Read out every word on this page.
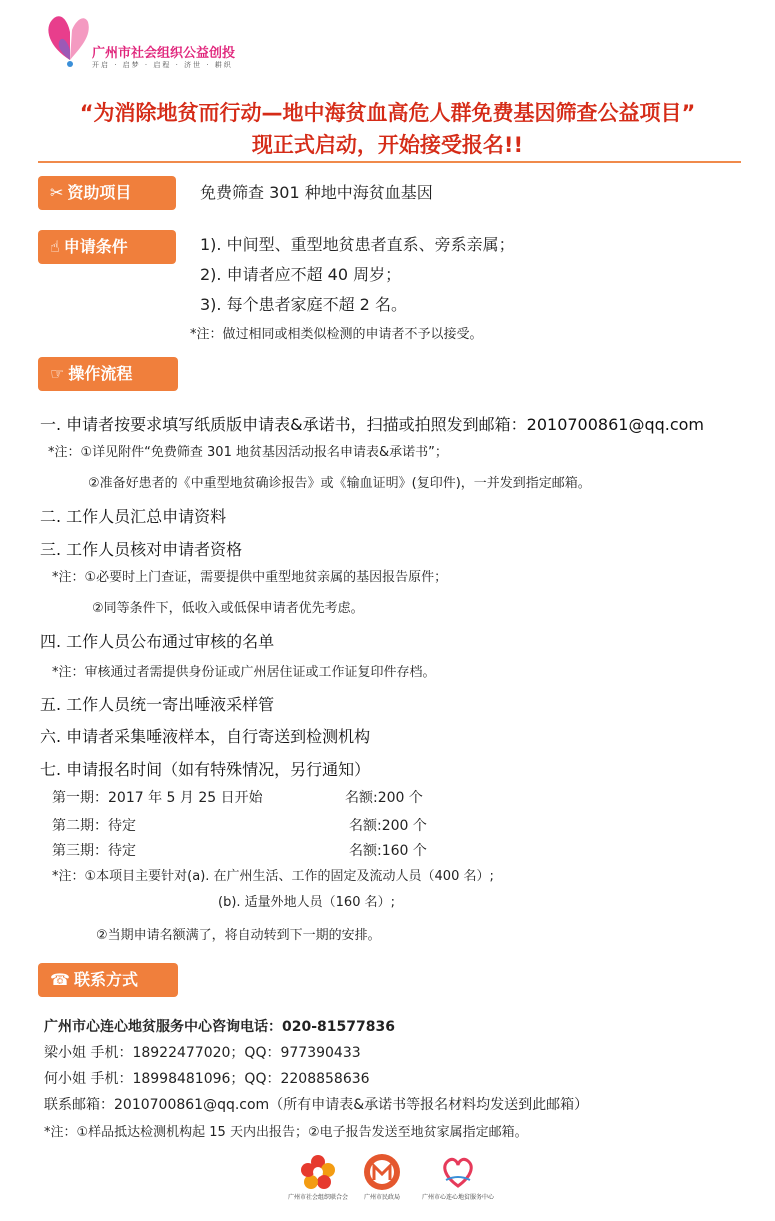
广州市社会组织公益创投
开启 · 启梦 · 启程 · 济世 · 耕织
“为消除地贫而行动—地中海贫血高危人群免费基因筛查公益项目”
现正式启动，开始接受报名!!
✂ 资助项目	免费筛查 301 种地中海贫血基因
☝ 申请条件	1). 中间型、重型地贫患者直系、旁系亲属；
2). 申请者应不超 40 周岁；
3). 每个患者家庭不超 2 名。
*注：做过相同或相类似检测的申请者不予以接受。
☞ 操作流程
一. 申请者按要求填写纸质版申请表&承诺书，扫描或拍照发到邮箱：2010700861@qq.com
*注：①详见附件“免费筛查 301 地贫基因活动报名申请表&承诺书”；
②准备好患者的《中重型地贫确诊报告》或《输血证明》(复印件)，一并发到指定邮箱。
二. 工作人员汇总申请资料
三. 工作人员核对申请者资格
*注：①必要时上门查证，需要提供中重型地贫亲属的基因报告原件；
②同等条件下，低收入或低保申请者优先考虑。
四. 工作人员公布通过审核的名单
*注：审核通过者需提供身份证或广州居住证或工作证复印件存档。
五. 工作人员统一寄出唾液采样管
六. 申请者采集唾液样本，自行寄送到检测机构
七. 申请报名时间（如有特殊情况，另行通知）
第一期：2017 年 5 月 25 日开始	名额:200 个
第二期：待定	名额:200 个
第三期：待定	名额:160 个
*注：①本项目主要针对(a). 在广州生活、工作的固定及流动人员（400 名）;
(b). 适量外地人员（160 名）;
②当期申请名额满了，将自动转到下一期的安排。
☎ 联系方式
广州市心连心地贫服务中心咨询电话：020-81577836
梁小姐 手机：18922477020；QQ：977390433
何小姐 手机：18998481096；QQ：2208858636
联系邮箱：2010700861@qq.com（所有申请表&承诺书等报名材料均发送到此邮箱）
*注：①样品抵达检测机构起 15 天内出报告；②电子报告发送至地贫家属指定邮箱。
广州市社会组织联合会	广州市民政局	广州市心连心地贫服务中心
